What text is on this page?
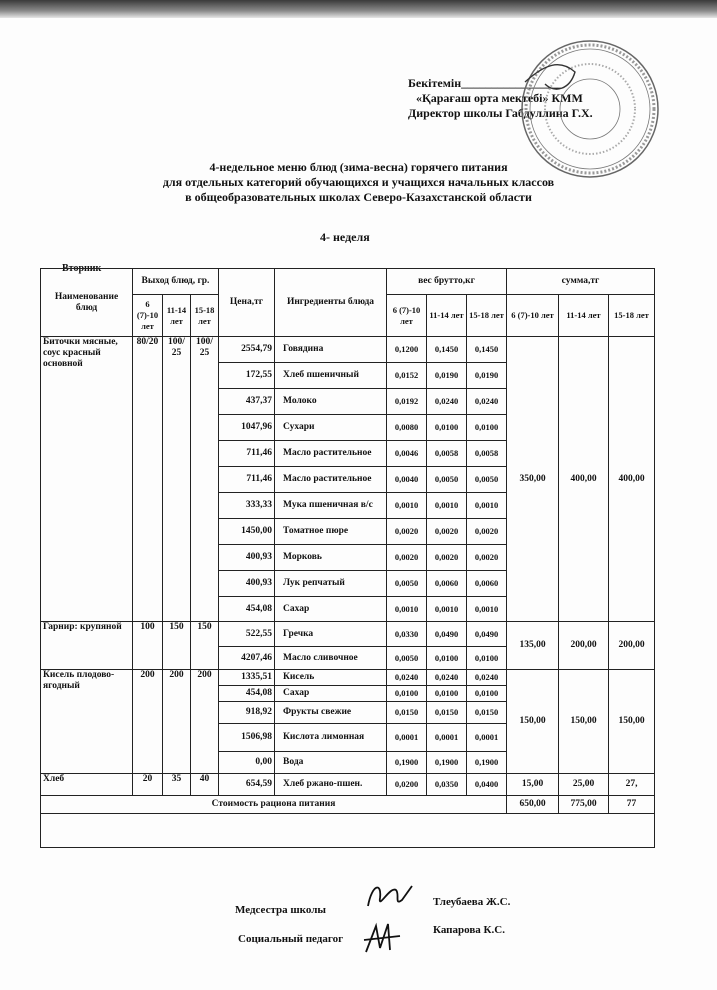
Бекітемін_________________
«Қарағаш орта мектебі» КММ
Директор школы Габдуллина Г.Х.
4-недельное меню блюд (зима-весна) горячего питания
для отдельных категорий обучающихся и учащихся начальных классов
в общеобразовательных школах Северо-Казахстанской области
4- неделя
Вторник
Наименование блюд	Выход блюд, гр.			Цена,тг	Ингредиенты блюда	вес брутто,кг			сумма,тг		
	6 (7)-10 лет	11-14 лет	15-18 лет			6 (7)-10 лет	11-14 лет	15-18 лет	6 (7)-10 лет	11-14 лет	15-18 лет
Биточки мясные, соус красный основной	80/20	100/ 25	100/ 25	2554,79	Говядина	0,1200	0,1450	0,1450	350,00	400,00	400,00
				172,55	Хлеб пшеничный	0,0152	0,0190	0,0190			
				437,37	Молоко	0,0192	0,0240	0,0240			
				1047,96	Сухари	0,0080	0,0100	0,0100			
				711,46	Масло растительное	0,0046	0,0058	0,0058			
				711,46	Масло растительное	0,0040	0,0050	0,0050			
				333,33	Мука пшеничная в/с	0,0010	0,0010	0,0010			
				1450,00	Томатное пюре	0,0020	0,0020	0,0020			
				400,93	Морковь	0,0020	0,0020	0,0020			
				400,93	Лук репчатый	0,0050	0,0060	0,0060			
				454,08	Сахар	0,0010	0,0010	0,0010			
Гарнир: крупяной	100	150	150	522,55	Гречка	0,0330	0,0490	0,0490	135,00	200,00	200,00
				4207,46	Масло сливочное	0,0050	0,0100	0,0100			
Кисель плодово-ягодный	200	200	200	1335,51	Кисель	0,0240	0,0240	0,0240	150,00	150,00	150,00
				454,08	Сахар	0,0100	0,0100	0,0100			
				918,92	Фрукты свежие	0,0150	0,0150	0,0150			
				1506,98	Кислота лимонная	0,0001	0,0001	0,0001			
				0,00	Вода	0,1900	0,1900	0,1900			
Хлеб	20	35	40	654,59	Хлеб ржано-пшен.	0,0200	0,0350	0,0400	15,00	25,00	27,
Стоимость рациона питания									650,00	775,00	77

Медсестра школы
Тлеубаева Ж.С.
Социальный педагог
Капарова К.С.
